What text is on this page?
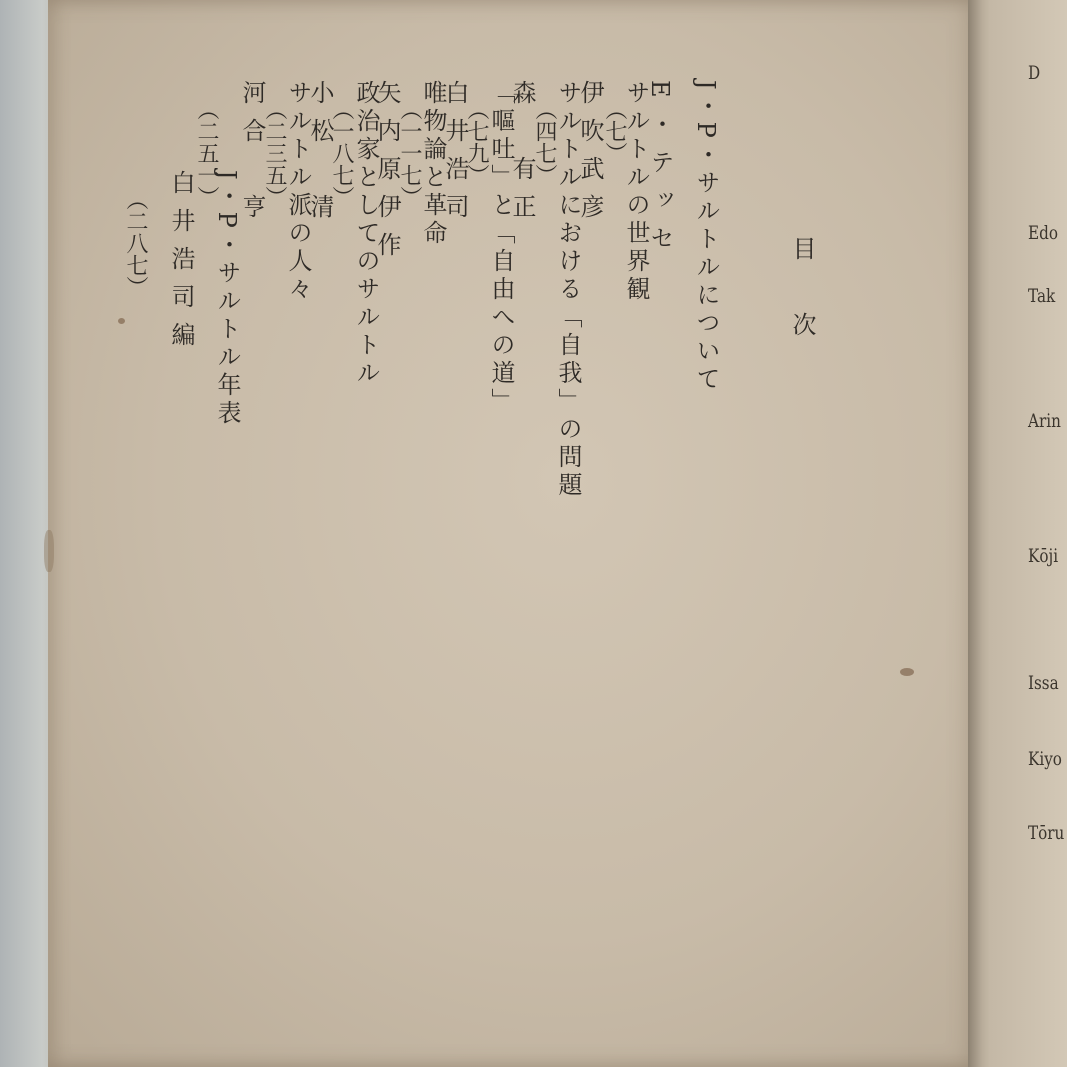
D
Edo
Tak
Arin
Kōji
Issa
Kiyo
Tōru
目次
J・P・サルトルについて
E・テッセ
（七）
サルトルの世界観
伊吹武彦
（四七）
サルトルにおける「自我」の問題
森　有正
（七九）
「嘔吐」と「自由への道」
白井浩司
（一一七）
唯物論と革命
矢内原伊作
（一八七）
政治家としてのサルトル
小松　清
（二三五）
サルトル派の人々
河合　亨
（二五一）
J・P・サルトル年表
白井浩司編
（二八七）
